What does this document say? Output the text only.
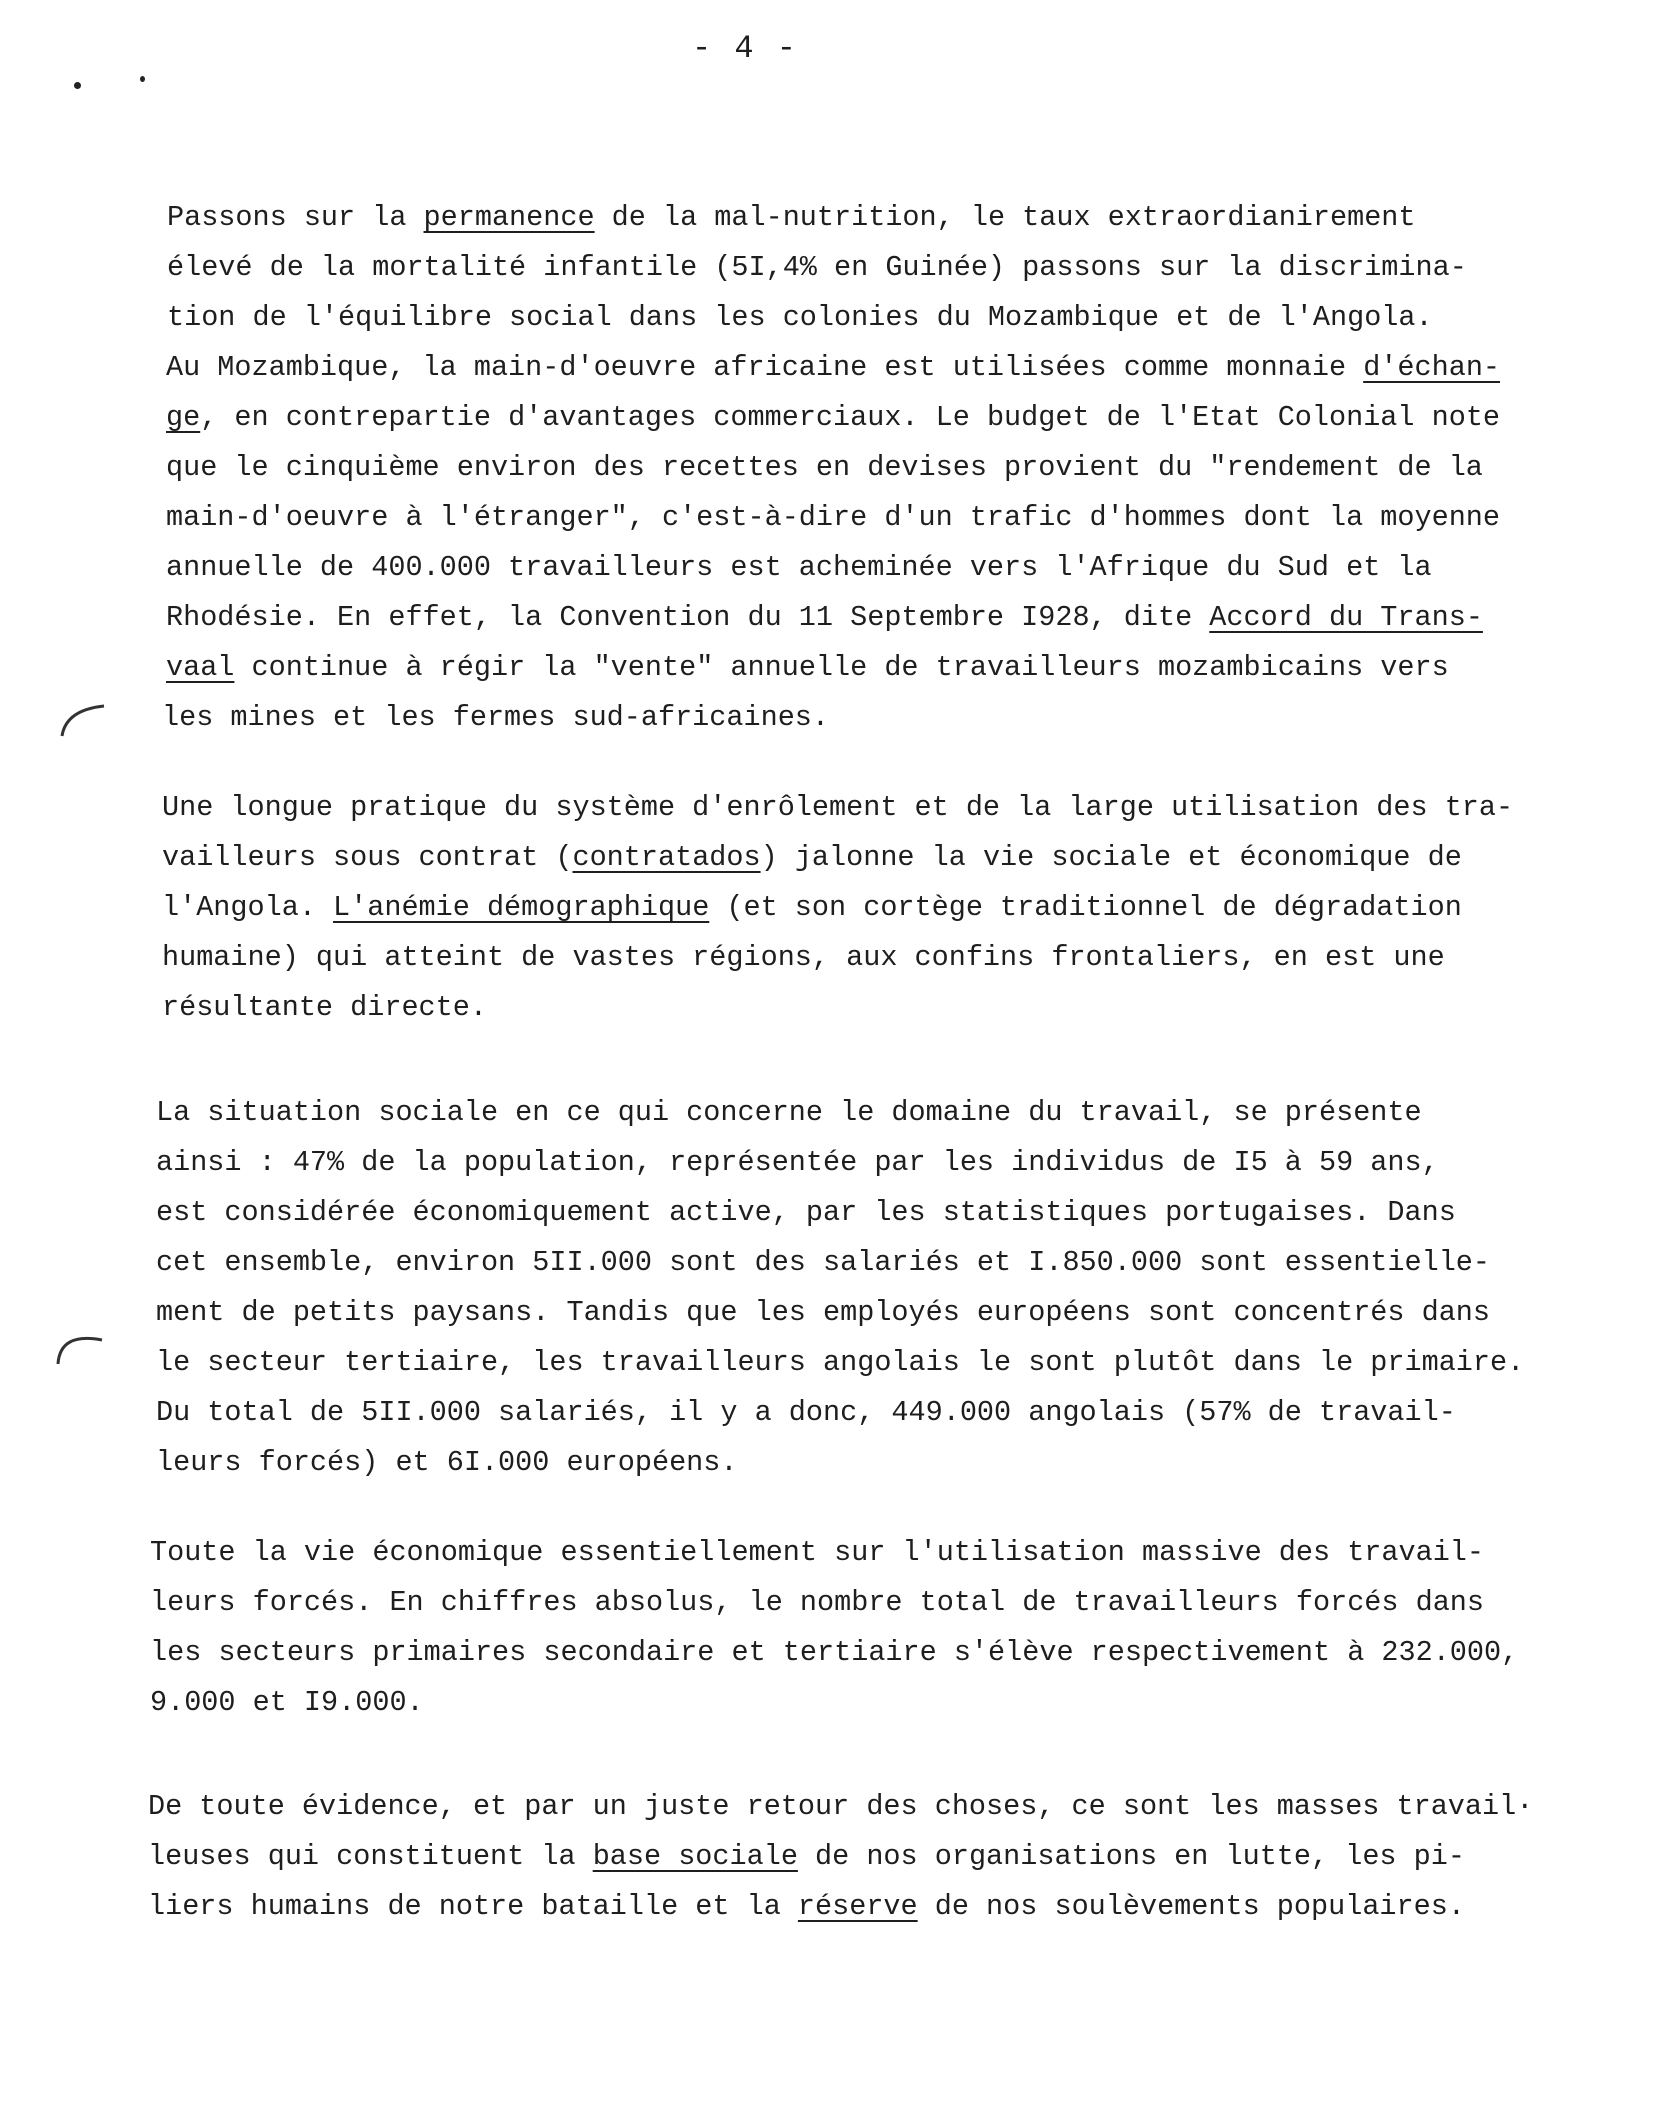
- 4 -
Passons sur la permanence de la mal-nutrition, le taux extraordianirement
élevé de la mortalité infantile (5I,4% en Guinée) passons sur la discrimina-
tion de l'équilibre social dans les colonies du Mozambique et de l'Angola.
Au Mozambique, la main-d'oeuvre africaine est utilisées comme monnaie d'échan-
ge, en contrepartie d'avantages commerciaux. Le budget de l'Etat Colonial note
que le cinquième environ des recettes en devises provient du "rendement de la
main-d'oeuvre à l'étranger", c'est-à-dire d'un trafic d'hommes dont la moyenne
annuelle de 400.000 travailleurs est acheminée vers l'Afrique du Sud et la
Rhodésie. En effet, la Convention du 11 Septembre I928, dite Accord du Trans-
vaal continue à régir la "vente" annuelle de travailleurs mozambicains vers
les mines et les fermes sud-africaines.
Une longue pratique du système d'enrôlement et de la large utilisation des tra-
vailleurs sous contrat (contratados) jalonne la vie sociale et économique de
l'Angola. L'anémie démographique (et son cortège traditionnel de dégradation
humaine) qui atteint de vastes régions, aux confins frontaliers, en est une
résultante directe.
La situation sociale en ce qui concerne le domaine du travail, se présente
ainsi : 47% de la population, représentée par les individus de I5 à 59 ans,
est considérée économiquement active, par les statistiques portugaises. Dans
cet ensemble, environ 5II.000 sont des salariés et I.850.000 sont essentielle-
ment de petits paysans. Tandis que les employés européens sont concentrés dans
le secteur tertiaire, les travailleurs angolais le sont plutôt dans le primaire.
Du total de 5II.000 salariés, il y a donc, 449.000 angolais (57% de travail-
leurs forcés) et 6I.000 européens.
Toute la vie économique essentiellement sur l'utilisation massive des travail-
leurs forcés. En chiffres absolus, le nombre total de travailleurs forcés dans
les secteurs primaires secondaire et tertiaire s'élève respectivement à 232.000,
9.000 et I9.000.
De toute évidence, et par un juste retour des choses, ce sont les masses travail·
leuses qui constituent la base sociale de nos organisations en lutte, les pi-
liers humains de notre bataille et la réserve de nos soulèvements populaires.
